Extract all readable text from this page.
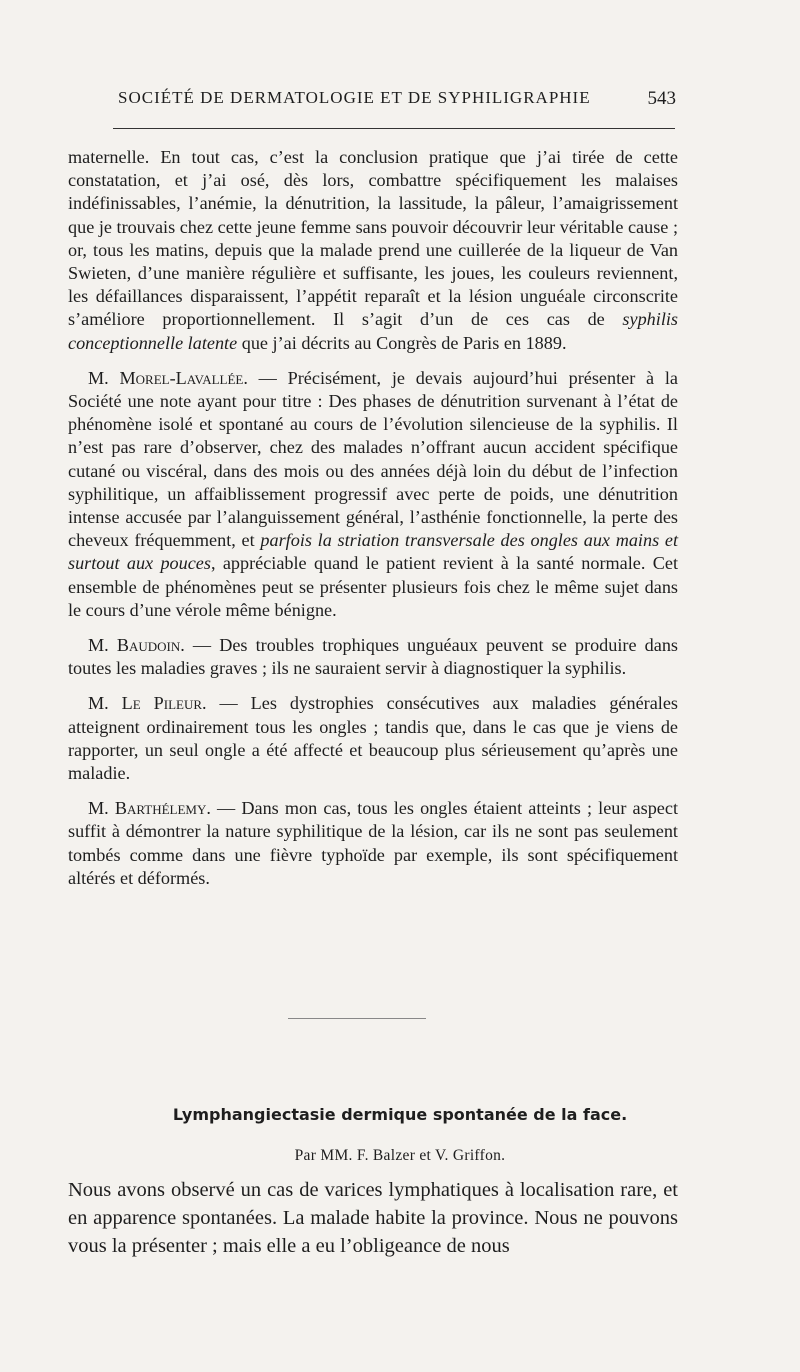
SOCIÉTÉ DE DERMATOLOGIE ET DE SYPHILIGRAPHIE	543

maternelle. En tout cas, c’est la conclusion pratique que j’ai tirée de cette constatation, et j’ai osé, dès lors, combattre spécifiquement les malaises indéfinissables, l’anémie, la dénutrition, la lassitude, la pâleur, l’amaigrissement que je trouvais chez cette jeune femme sans pouvoir découvrir leur véritable cause ; or, tous les matins, depuis que la malade prend une cuillerée de la liqueur de Van Swieten, d’une manière régulière et suffisante, les joues, les couleurs reviennent, les défaillances disparaissent, l’appétit reparaît et la lésion unguéale circonscrite s’améliore proportionnellement. Il s’agit d’un de ces cas de syphilis conceptionnelle latente que j’ai décrits au Congrès de Paris en 1889.

M. Morel-Lavallée. — Précisément, je devais aujourd’hui présenter à la Société une note ayant pour titre : Des phases de dénutrition survenant à l’état de phénomène isolé et spontané au cours de l’évolution silencieuse de la syphilis. Il n’est pas rare d’observer, chez des malades n’offrant aucun accident spécifique cutané ou viscéral, dans des mois ou des années déjà loin du début de l’infection syphilitique, un affaiblissement progressif avec perte de poids, une dénutrition intense accusée par l’alanguissement général, l’asthénie fonctionnelle, la perte des cheveux fréquemment, et parfois la striation transversale des ongles aux mains et surtout aux pouces, appréciable quand le patient revient à la santé normale. Cet ensemble de phénomènes peut se présenter plusieurs fois chez le même sujet dans le cours d’une vérole même bénigne.

M. Baudoin. — Des troubles trophiques unguéaux peuvent se produire dans toutes les maladies graves ; ils ne sauraient servir à diagnostiquer la syphilis.

M. Le Pileur. — Les dystrophies consécutives aux maladies générales atteignent ordinairement tous les ongles ; tandis que, dans le cas que je viens de rapporter, un seul ongle a été affecté et beaucoup plus sérieusement qu’après une maladie.

M. Barthélemy. — Dans mon cas, tous les ongles étaient atteints ; leur aspect suffit à démontrer la nature syphilitique de la lésion, car ils ne sont pas seulement tombés comme dans une fièvre typhoïde par exemple, ils sont spécifiquement altérés et déformés.

Lymphangiectasie dermique spontanée de la face.
Par MM. F. Balzer et V. Griffon.

Nous avons observé un cas de varices lymphatiques à localisation rare, et en apparence spontanées. La malade habite la province. Nous ne pouvons vous la présenter ; mais elle a eu l’obligeance de nous
